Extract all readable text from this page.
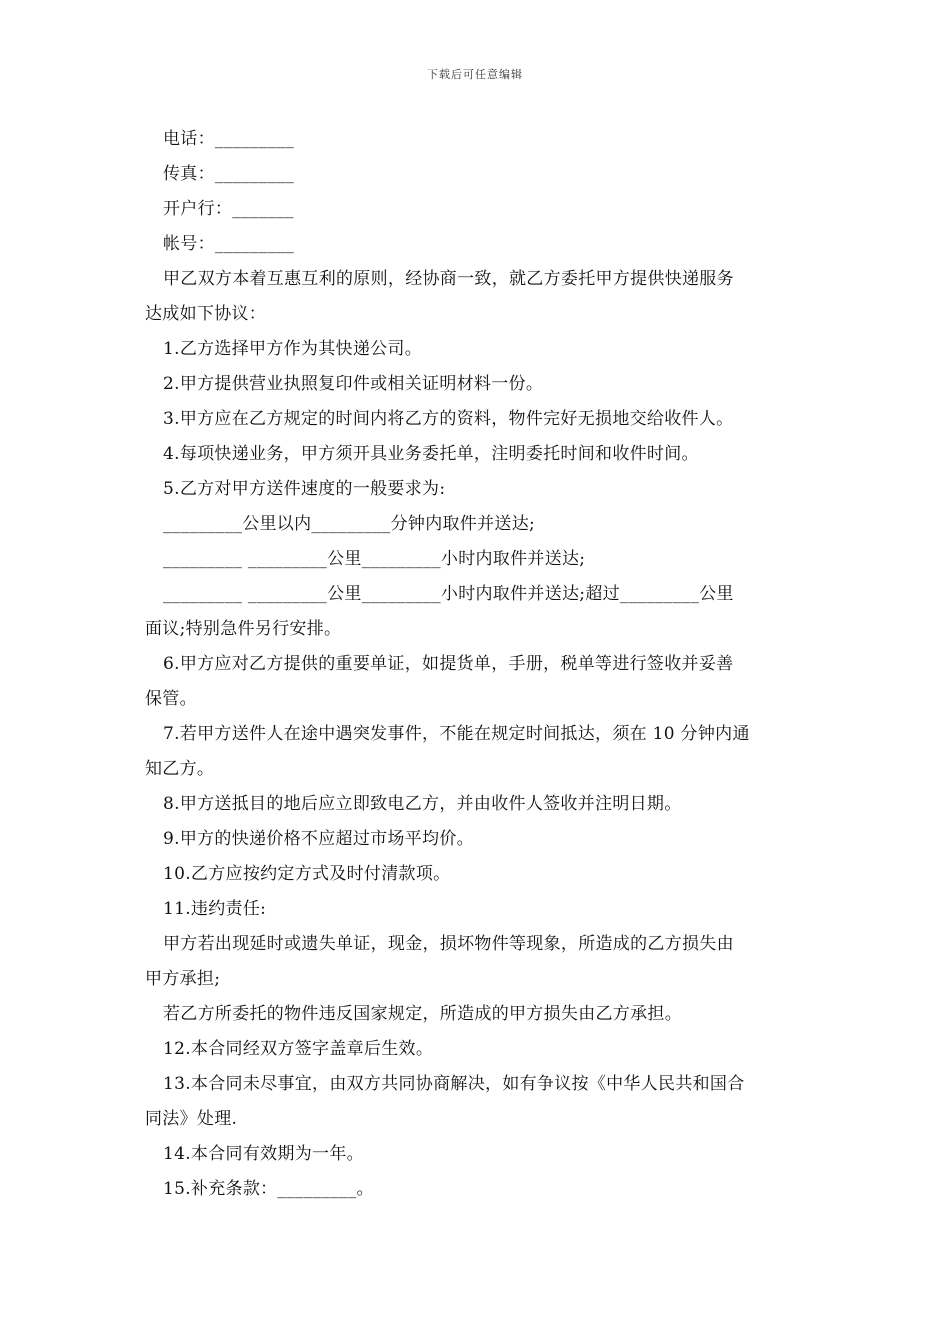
下载后可任意编辑
电话：_________
传真：_________
开户行：_______
帐号：_________
甲乙双方本着互惠互利的原则，经协商一致，就乙方委托甲方提供快递服务
达成如下协议：
1.乙方选择甲方作为其快递公司。
2.甲方提供营业执照复印件或相关证明材料一份。
3.甲方应在乙方规定的时间内将乙方的资料，物件完好无损地交给收件人。
4.每项快递业务，甲方须开具业务委托单，注明委托时间和收件时间。
5.乙方对甲方送件速度的一般要求为:
_________公里以内_________分钟内取件并送达;
_________ _________公里_________小时内取件并送达;
_________ _________公里_________小时内取件并送达;超过_________公里
面议;特别急件另行安排。
6.甲方应对乙方提供的重要单证，如提货单，手册，税单等进行签收并妥善
保管。
7.若甲方送件人在途中遇突发事件，不能在规定时间抵达，须在 10 分钟内通
知乙方。
8.甲方送抵目的地后应立即致电乙方，并由收件人签收并注明日期。
9.甲方的快递价格不应超过市场平均价。
10.乙方应按约定方式及时付清款项。
11.违约责任:
甲方若出现延时或遗失单证，现金，损坏物件等现象，所造成的乙方损失由
甲方承担;
若乙方所委托的物件违反国家规定，所造成的甲方损失由乙方承担。
12.本合同经双方签字盖章后生效。
13.本合同未尽事宜，由双方共同协商解决，如有争议按《中华人民共和国合
同法》处理.
14.本合同有效期为一年。
15.补充条款：_________。
